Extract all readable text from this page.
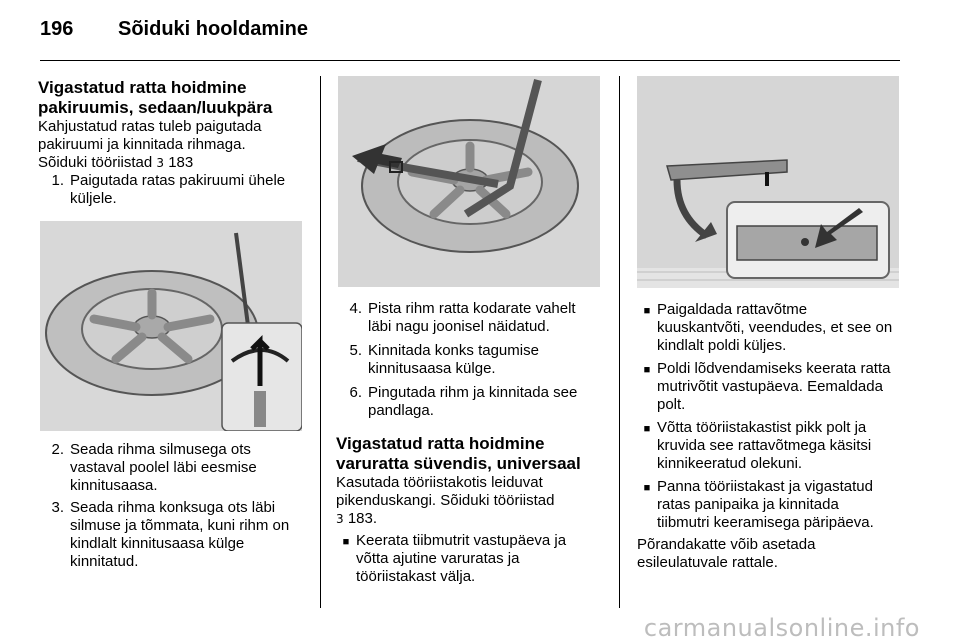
196 Sõiduki hooldamine

Vigastatud ratta hoidmine
pakiruumis, sedaan/luukpära

Kahjustatud ratas tuleb paigutada
pakiruumi ja kinnitada rihmaga.
Sõiduki tööriistad 3 183

1. Paigutada ratas pakiruumi ühele
küljele.
2. Seada rihma silmusega ots
vastaval poolel läbi eesmise
kinnitusaasa.
3. Seada rihma konksuga ots läbi
silmuse ja tõmmata, kuni rihm on
kindlalt kinnitusaasa külge
kinnitatud.
4. Pista rihm ratta kodarate vahelt
läbi nagu joonisel näidatud.
5. Kinnitada konks tagumise
kinnitusaasa külge.
6. Pingutada rihm ja kinnitada see
pandlaga.

Vigastatud ratta hoidmine
varuratta süvendis, universaal

Kasutada tööriistakotis leiduvat
pikenduskangi. Sõiduki tööriistad
3 183.

■ Keerata tiibmutrit vastupäeva ja
võtta ajutine varuratas ja
tööriistakast välja.
■ Paigaldada rattavõtme
kuuskantvõti, veendudes, et see on
kindlalt poldi küljes.
■ Poldi lõdvendamiseks keerata ratta
mutrivõtit vastupäeva. Eemaldada
polt.
■ Võtta tööriistakastist pikk polt ja
kruvida see rattavõtmega käsitsi
kinnikeeratud olekuni.
■ Panna tööriistakast ja vigastatud
ratas panipaika ja kinnitada
tiibmutri keeramisega päripäeva.

Põrandakatte võib asetada
esileulatuvale rattale.

carmanualsonline.info
